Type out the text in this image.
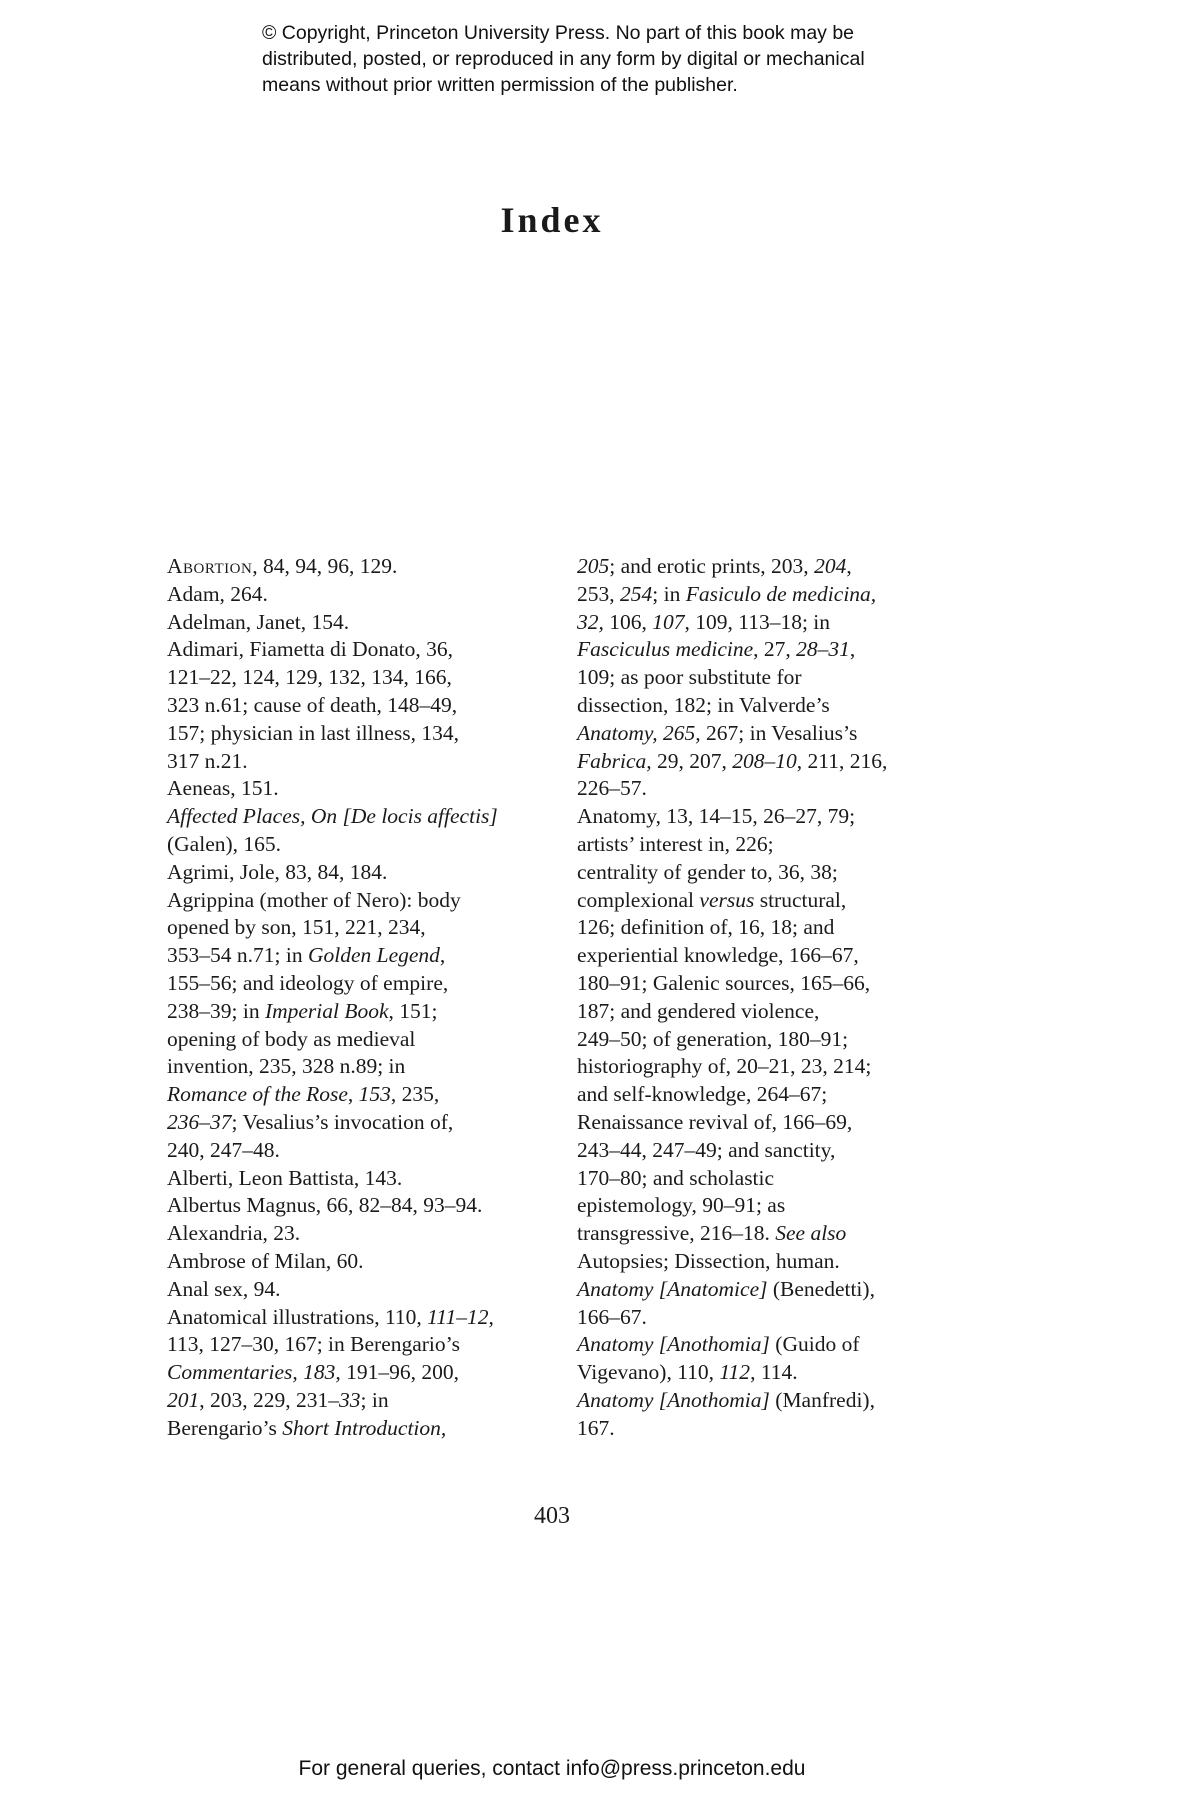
© Copyright, Princeton University Press. No part of this book may be
distributed, posted, or reproduced in any form by digital or mechanical
means without prior written permission of the publisher.
Index

Abortion, 84, 94, 96, 129.

Adam, 264.

Adelman, Janet, 154.

Adimari, Fiametta di Donato, 36,
121–22, 124, 129, 132, 134, 166,
323 n.61; cause of death, 148–49,
157; physician in last illness, 134,
317 n.21.

Aeneas, 151.

Affected Places, On [De locis affectis]
(Galen), 165.

Agrimi, Jole, 83, 84, 184.

Agrippina (mother of Nero): body
opened by son, 151, 221, 234,
353–54 n.71; in Golden Legend,
155–56; and ideology of empire,
238–39; in Imperial Book, 151;
opening of body as medieval
invention, 235, 328 n.89; in
Romance of the Rose, 153, 235,
236–37; Vesalius’s invocation of,
240, 247–48.

Alberti, Leon Battista, 143.

Albertus Magnus, 66, 82–84, 93–94.

Alexandria, 23.

Ambrose of Milan, 60.

Anal sex, 94.

Anatomical illustrations, 110, 111–12,
113, 127–30, 167; in Berengario’s
Commentaries, 183, 191–96, 200,
201, 203, 229, 231–33; in
Berengario’s Short Introduction,

205; and erotic prints, 203, 204,
253, 254; in Fasiculo de medicina,
32, 106, 107, 109, 113–18; in
Fasciculus medicine, 27, 28–31,
109; as poor substitute for
dissection, 182; in Valverde’s
Anatomy, 265, 267; in Vesalius’s
Fabrica, 29, 207, 208–10, 211, 216,
226–57.

Anatomy, 13, 14–15, 26–27, 79;
artists’ interest in, 226;
centrality of gender to, 36, 38;
complexional versus structural,
126; definition of, 16, 18; and
experiential knowledge, 166–67,
180–91; Galenic sources, 165–66,
187; and gendered violence,
249–50; of generation, 180–91;
historiography of, 20–21, 23, 214;
and self-knowledge, 264–67;
Renaissance revival of, 166–69,
243–44, 247–49; and sanctity,
170–80; and scholastic
epistemology, 90–91; as
transgressive, 216–18. See also
Autopsies; Dissection, human.

Anatomy [Anatomice] (Benedetti),
166–67.

Anatomy [Anothomia] (Guido of
Vigevano), 110, 112, 114.

Anatomy [Anothomia] (Manfredi),
167.

403
For general queries, contact info@press.princeton.edu
